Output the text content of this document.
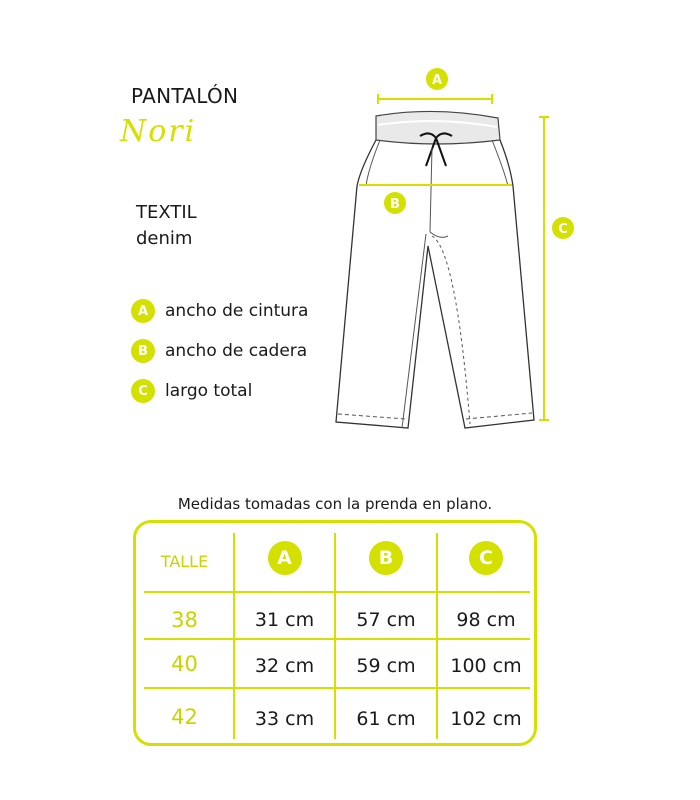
PANTALÓN
Nori
TEXTIL
denim
A ancho de cintura
B	ancho de cadera
C	largo total
A
B
C
Medidas tomadas con la prenda en plano.
TALLE	A	B	C
38	31 cm	57 cm	98 cm
40	32 cm	59 cm	100 cm
42	33 cm	61 cm	102 cm
